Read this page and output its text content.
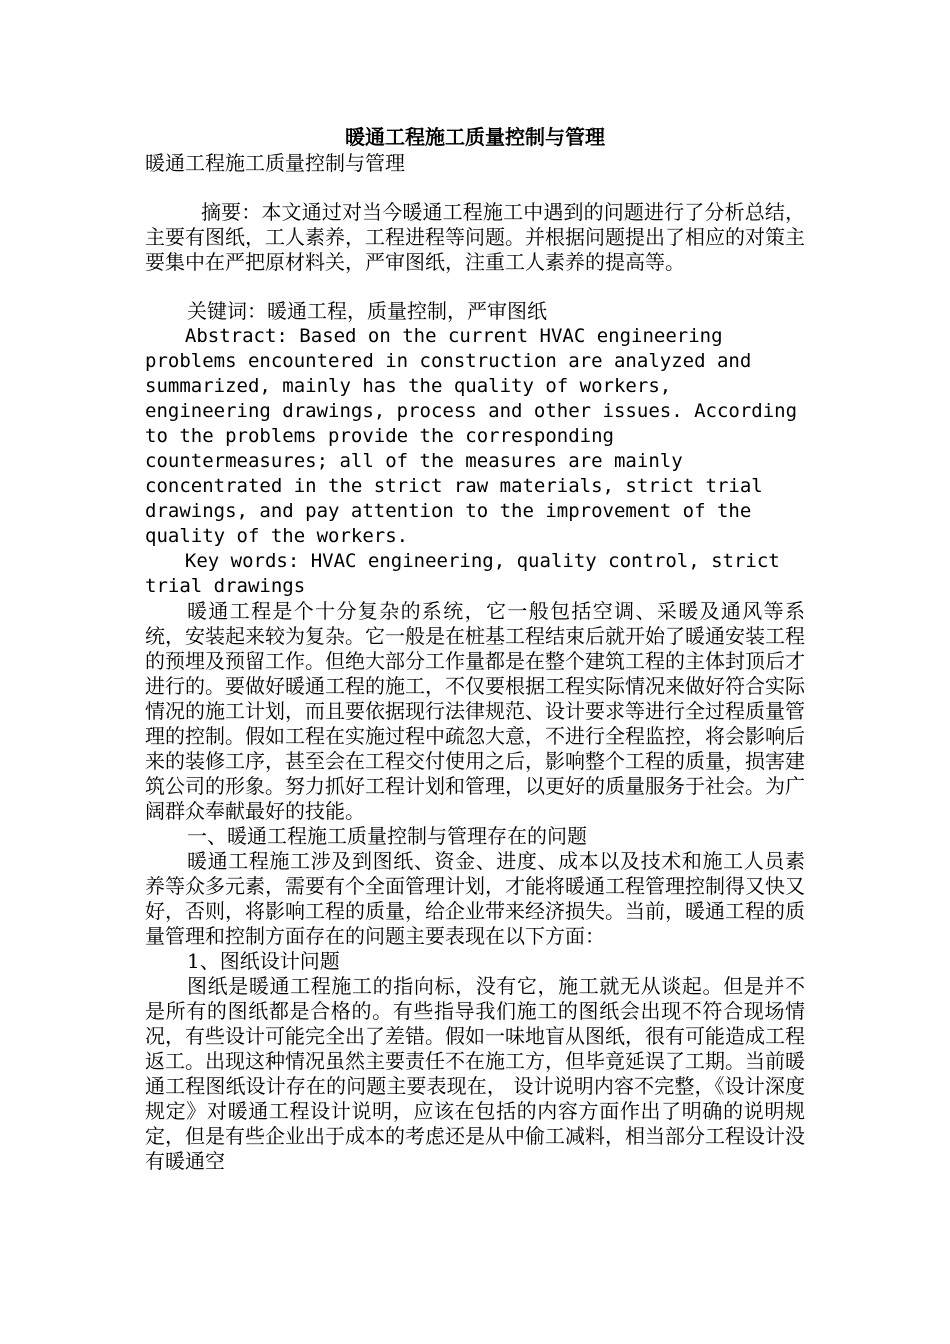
暖通工程施工质量控制与管理
暖通工程施工质量控制与管理

摘要：本文通过对当今暖通工程施工中遇到的问题进行了分析总结，主要有图纸，工人素养，工程进程等问题。并根据问题提出了相应的对策主要集中在严把原材料关，严审图纸，注重工人素养的提高等。

关键词：暖通工程，质量控制，严审图纸

Abstract: Based on the current HVAC engineering problems encountered in construction are analyzed and summarized, mainly has the quality of workers, engineering drawings, process and other issues. According to the problems provide the corresponding countermeasures; all of the measures are mainly concentrated in the strict raw materials, strict trial drawings, and pay attention to the improvement of the quality of the workers.

Key words: HVAC engineering, quality control, strict trial drawings

暖通工程是个十分复杂的系统，它一般包括空调、采暖及通风等系统，安装起来较为复杂。它一般是在桩基工程结束后就开始了暖通安装工程的预埋及预留工作。但绝大部分工作量都是在整个建筑工程的主体封顶后才进行的。要做好暖通工程的施工，不仅要根据工程实际情况来做好符合实际情况的施工计划，而且要依据现行法律规范、设计要求等进行全过程质量管理的控制。假如工程在实施过程中疏忽大意，不进行全程监控，将会影响后来的装修工序，甚至会在工程交付使用之后，影响整个工程的质量，损害建筑公司的形象。努力抓好工程计划和管理，以更好的质量服务于社会。为广阔群众奉献最好的技能。

一、暖通工程施工质量控制与管理存在的问题

暖通工程施工涉及到图纸、资金、进度、成本以及技术和施工人员素养等众多元素，需要有个全面管理计划，才能将暖通工程管理控制得又快又好，否则，将影响工程的质量，给企业带来经济损失。当前，暖通工程的质量管理和控制方面存在的问题主要表现在以下方面：

1、图纸设计问题

图纸是暖通工程施工的指向标，没有它，施工就无从谈起。但是并不是所有的图纸都是合格的。有些指导我们施工的图纸会出现不符合现场情况，有些设计可能完全出了差错。假如一味地盲从图纸，很有可能造成工程返工。出现这种情况虽然主要责任不在施工方，但毕竟延误了工期。当前暖通工程图纸设计存在的问题主要表现在， 设计说明内容不完整，《设计深度规定》对暖通工程设计说明，应该在包括的内容方面作出了明确的说明规定，但是有些企业出于成本的考虑还是从中偷工减料，相当部分工程设计没有暖通空
